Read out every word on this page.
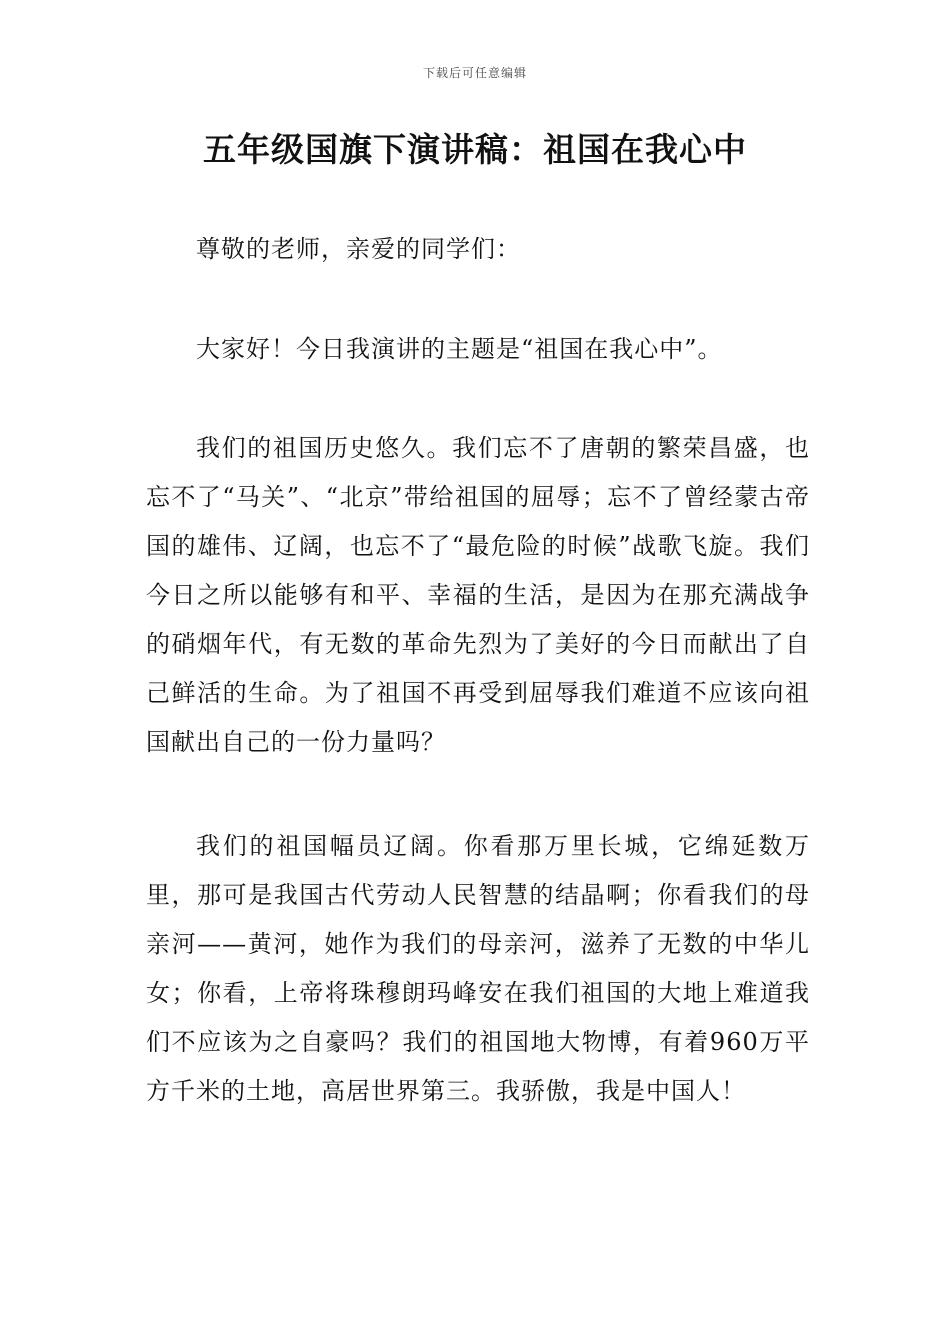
下载后可任意编辑
五年级国旗下演讲稿：祖国在我心中
尊敬的老师，亲爱的同学们：
大家好！今日我演讲的主题是“祖国在我心中”。
我们的祖国历史悠久。我们忘不了唐朝的繁荣昌盛，也忘不了“马关”、“北京”带给祖国的屈辱；忘不了曾经蒙古帝国的雄伟、辽阔，也忘不了“最危险的时候”战歌飞旋。我们今日之所以能够有和平、幸福的生活，是因为在那充满战争的硝烟年代，有无数的革命先烈为了美好的今日而献出了自己鲜活的生命。为了祖国不再受到屈辱我们难道不应该向祖国献出自己的一份力量吗？
我们的祖国幅员辽阔。你看那万里长城，它绵延数万里，那可是我国古代劳动人民智慧的结晶啊；你看我们的母亲河——黄河，她作为我们的母亲河，滋养了无数的中华儿女；你看，上帝将珠穆朗玛峰安在我们祖国的大地上难道我们不应该为之自豪吗？我们的祖国地大物博，有着960万平方千米的土地，高居世界第三。我骄傲，我是中国人！
